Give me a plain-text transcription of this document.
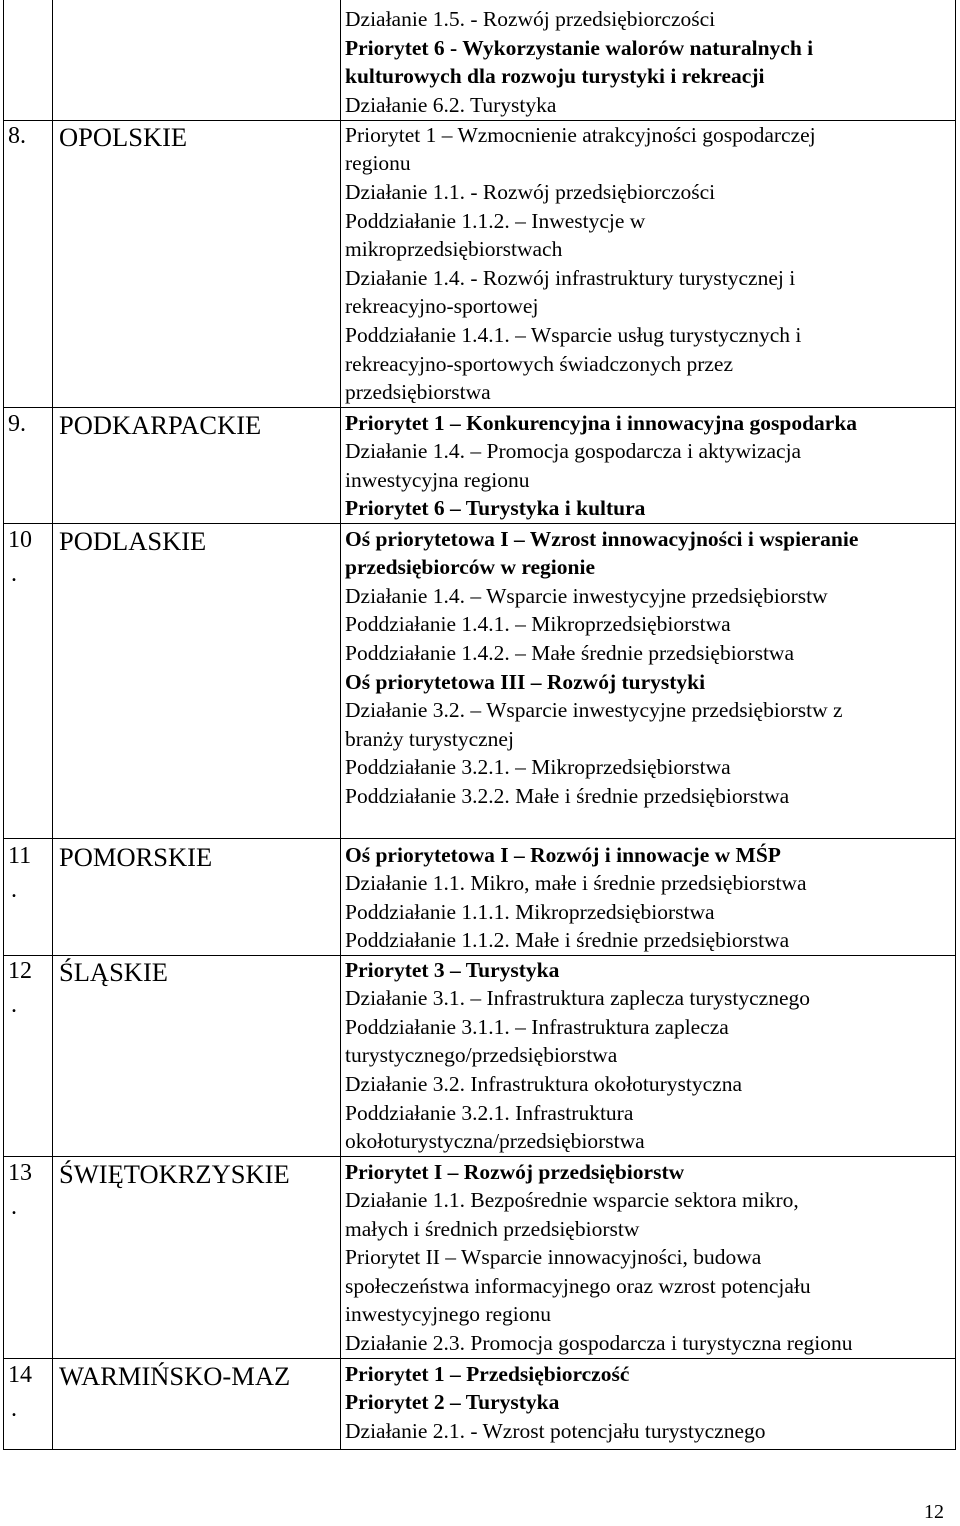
Działanie 1.5. - Rozwój przedsiębiorczości
Priorytet 6 - Wykorzystanie walorów naturalnych i
kulturowych dla rozwoju turystyki i rekreacji
Działanie 6.2. Turystyka
8. OPOLSKIE	Priorytet 1 – Wzmocnienie atrakcyjności gospodarczej
regionu
Działanie 1.1. - Rozwój przedsiębiorczości
Poddziałanie 1.1.2. – Inwestycje w
mikroprzedsiębiorstwach
Działanie 1.4. - Rozwój infrastruktury turystycznej i
rekreacyjno-sportowej
Poddziałanie 1.4.1. – Wsparcie usług turystycznych i
rekreacyjno-sportowych świadczonych przez
przedsiębiorstwa
9. PODKARPACKIE	Priorytet 1 – Konkurencyjna i innowacyjna gospodarka
Działanie 1.4. – Promocja gospodarcza i aktywizacja
inwestycyjna regionu
Priorytet 6 – Turystyka i kultura
10
.
PODLASKIE	Oś priorytetowa I – Wzrost innowacyjności i wspieranie
przedsiębiorców w regionie
Działanie 1.4. – Wsparcie inwestycyjne przedsiębiorstw
Poddziałanie 1.4.1. – Mikroprzedsiębiorstwa
Poddziałanie 1.4.2. – Małe średnie przedsiębiorstwa
Oś priorytetowa III – Rozwój turystyki
Działanie 3.2. – Wsparcie inwestycyjne przedsiębiorstw z
branży turystycznej
Poddziałanie 3.2.1. – Mikroprzedsiębiorstwa
Poddziałanie 3.2.2. Małe i średnie przedsiębiorstwa
11
.
POMORSKIE	Oś priorytetowa I – Rozwój i innowacje w MŚP
Działanie 1.1. Mikro, małe i średnie przedsiębiorstwa
Poddziałanie 1.1.1. Mikroprzedsiębiorstwa
Poddziałanie 1.1.2. Małe i średnie przedsiębiorstwa
12
.
ŚLĄSKIE	Priorytet 3 – Turystyka
Działanie 3.1. – Infrastruktura zaplecza turystycznego
Poddziałanie 3.1.1. – Infrastruktura zaplecza
turystycznego/przedsiębiorstwa
Działanie 3.2. Infrastruktura okołoturystyczna
Poddziałanie 3.2.1. Infrastruktura
okołoturystyczna/przedsiębiorstwa
13
.
ŚWIĘTOKRZYSKIE	Priorytet I – Rozwój przedsiębiorstw
Działanie 1.1. Bezpośrednie wsparcie sektora mikro,
małych i średnich przedsiębiorstw
Priorytet II – Wsparcie innowacyjności, budowa
społeczeństwa informacyjnego oraz wzrost potencjału
inwestycyjnego regionu
Działanie 2.3. Promocja gospodarcza i turystyczna regionu
14
.
WARMIŃSKO-MAZ	Priorytet 1 – Przedsiębiorczość
Priorytet 2 – Turystyka
Działanie 2.1. - Wzrost potencjału turystycznego
12
